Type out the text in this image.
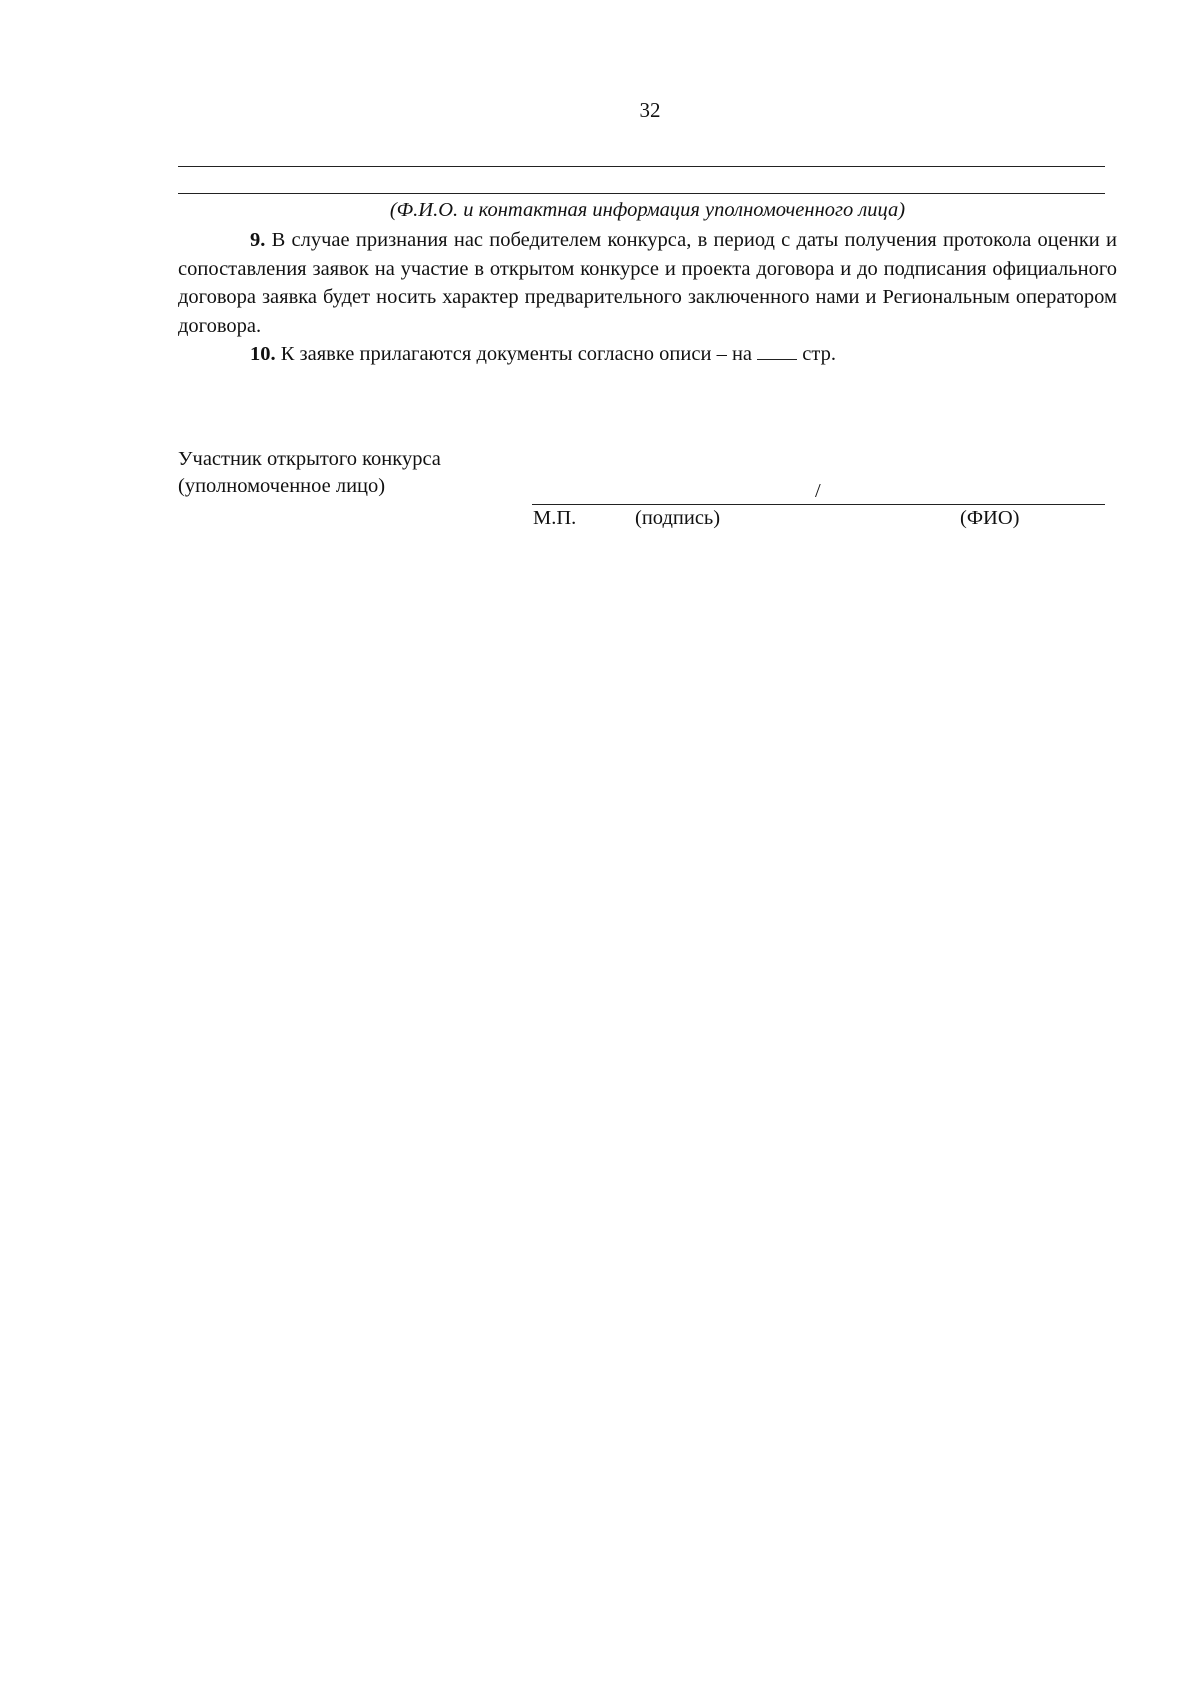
32
(Ф.И.О. и контактная информация уполномоченного лица)
9. В случае признания нас победителем конкурса, в период с даты получения протокола оценки и сопоставления заявок на участие в открытом конкурсе и проекта договора и до подписания официального договора заявка будет носить характер предварительного заключенного нами и Региональным оператором договора.
10. К заявке прилагаются документы согласно описи – на  стр.
Участник открытого конкурса
(уполномоченное лицо)	/
М.П.	(подпись)	(ФИО)
